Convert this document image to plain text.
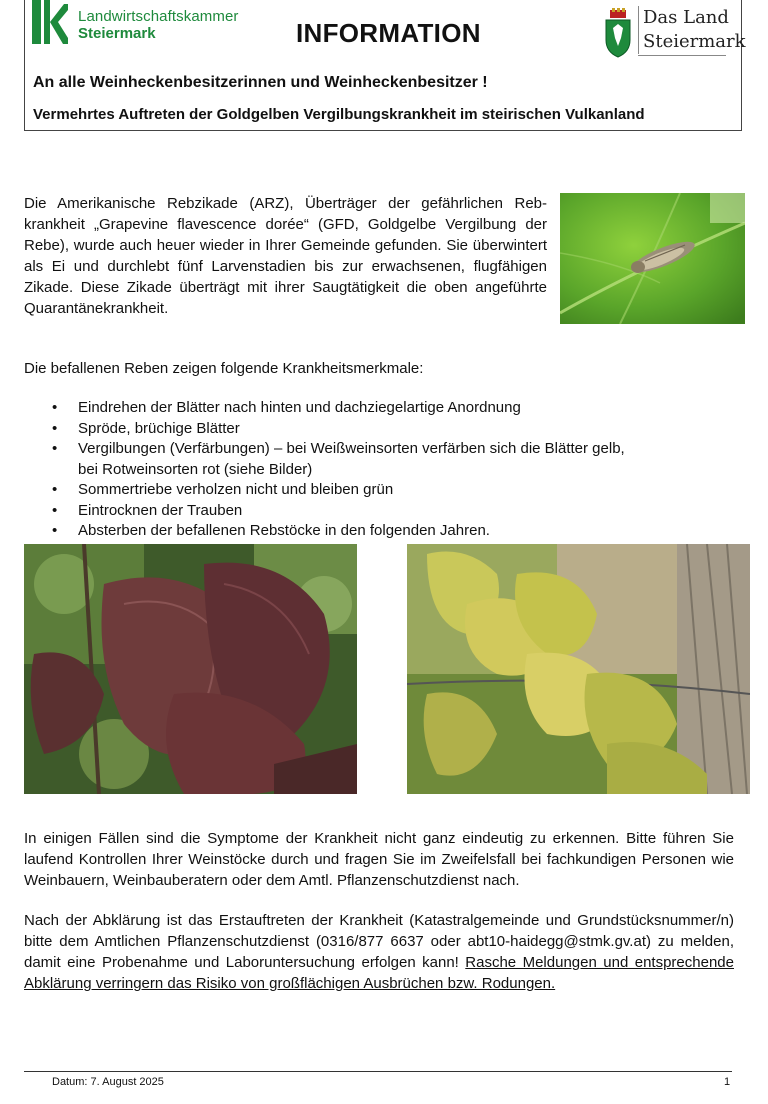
Landwirtschaftskammer
Steiermark	INFORMATION
Das Land
Steiermark
An alle Weinheckenbesitzerinnen und Weinheckenbesitzer !
Vermehrtes Auftreten der Goldgelben Vergilbungskrankheit im steirischen Vulkanland

Die Amerikanische Rebzikade (ARZ), Überträger der gefährlichen Rebkrankheit „Grapevine flavescence dorée“ (GFD, Goldgelbe Vergilbung der Rebe), wurde auch heuer wieder in Ihrer Gemeinde gefunden. Sie überwintert als Ei und durchlebt fünf Larvenstadien bis zur erwachsenen, flugfähigen Zikade. Diese Zikade überträgt mit ihrer Saugtätigkeit die oben angeführte Quarantänekrankheit.

Die befallenen Reben zeigen folgende Krankheitsmerkmale:

• Eindrehen der Blätter nach hinten und dachziegelartige Anordnung
• Spröde, brüchige Blätter
• Vergilbungen (Verfärbungen) – bei Weißweinsorten verfärben sich die Blätter gelb,
bei Rotweinsorten rot (siehe Bilder)
• Sommertriebe verholzen nicht und bleiben grün
• Eintrocknen der Trauben
• Absterben der befallenen Rebstöcke in den folgenden Jahren.

In einigen Fällen sind die Symptome der Krankheit nicht ganz eindeutig zu erkennen. Bitte führen Sie laufend Kontrollen Ihrer Weinstöcke durch und fragen Sie im Zweifelsfall bei fachkundigen Personen wie Weinbauern, Weinbauberatern oder dem Amtl. Pflanzenschutzdienst nach.

Nach der Abklärung ist das Erstauftreten der Krankheit (Katastralgemeinde und Grundstücksnummer/n) bitte dem Amtlichen Pflanzenschutzdienst (0316/877 6637 oder abt10-haidegg@stmk.gv.at) zu melden, damit eine Probenahme und Laboruntersuchung erfolgen kann! Rasche Meldungen und entsprechende Abklärung verringern das Risiko von großflächigen Ausbrüchen bzw. Rodungen.
Datum: 7. August 2025	1
